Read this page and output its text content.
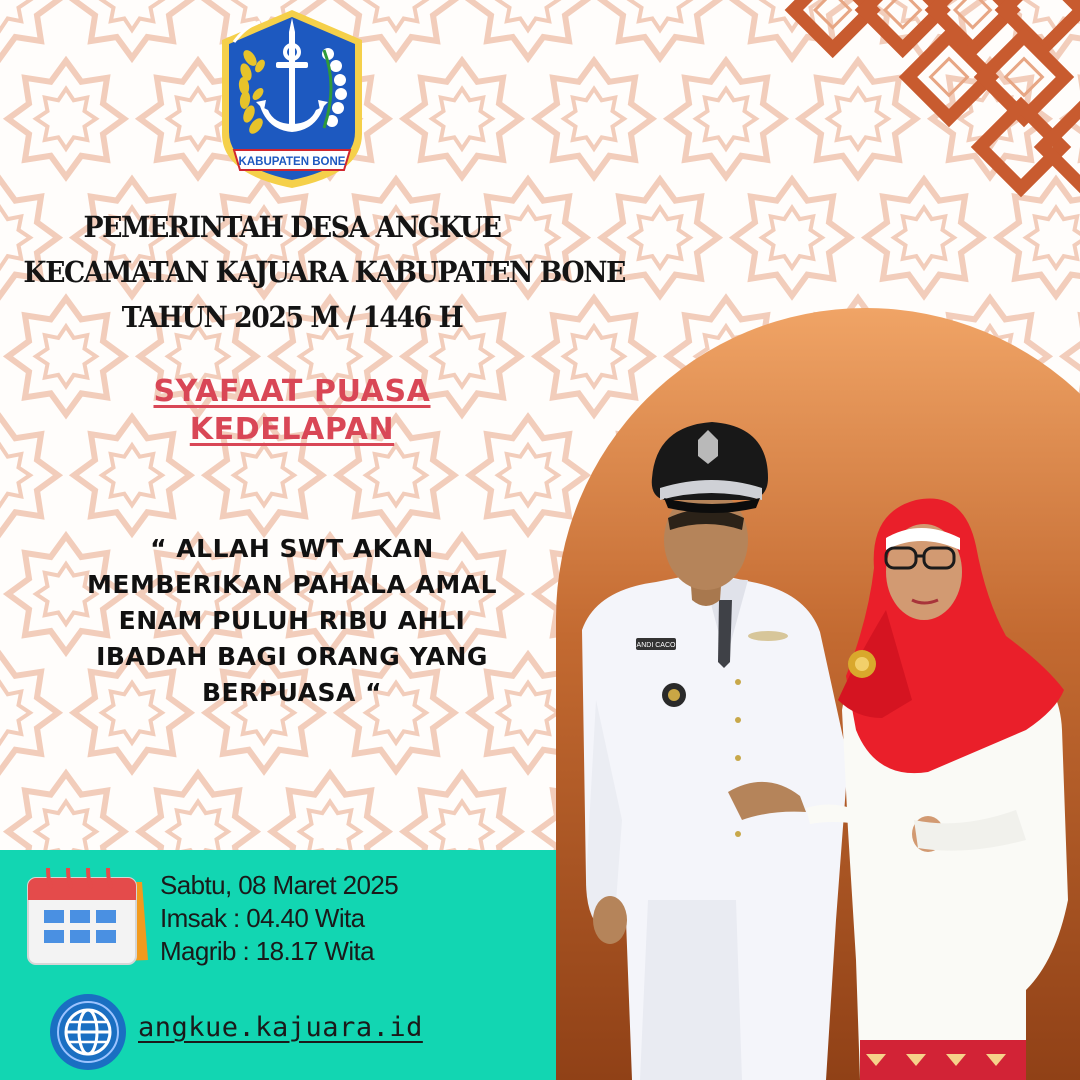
KABUPATEN BONE
PEMERINTAH DESA ANGKUE
KECAMATAN KAJUARA KABUPATEN BONE
TAHUN 2025 M / 1446 H
SYAFAAT PUASA
KEDELAPAN
“ ALLAH SWT AKAN
MEMBERIKAN PAHALA AMAL
ENAM PULUH RIBU AHLI
IBADAH BAGI ORANG YANG
BERPUASA “
Sabtu, 08 Maret 2025
Imsak : 04.40 Wita
Magrib : 18.17 Wita
angkue.kajuara.id
ANDI CACO
